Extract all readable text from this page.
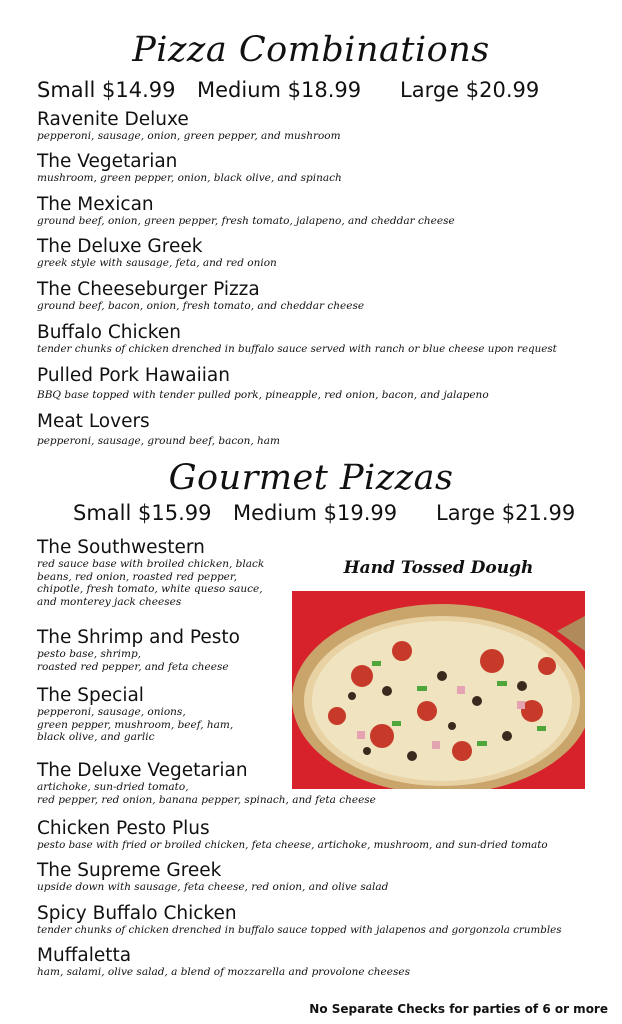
Pizza Combinations
Small $14.99 Medium $18.99 Large $20.99
Ravenite Deluxe
pepperoni, sausage, onion, green pepper, and mushroom
The Vegetarian
mushroom, green pepper, onion, black olive, and spinach
The Mexican
ground beef, onion, green pepper, fresh tomato, jalapeno, and cheddar cheese
The Deluxe Greek
greek style with sausage, feta, and red onion
The Cheeseburger Pizza
ground beef, bacon, onion, fresh tomato, and cheddar cheese
Buffalo Chicken
tender chunks of chicken drenched in buffalo sauce served with ranch or blue cheese upon request
Pulled Pork Hawaiian
BBQ base topped with tender pulled pork, pineapple, red onion, bacon, and jalapeno
Meat Lovers
pepperoni, sausage, ground beef, bacon, ham
Gourmet Pizzas
Small $15.99 Medium $19.99 Large $21.99
The Southwestern
red sauce base with broiled chicken, black
beans, red onion, roasted red pepper,
chipotle, fresh tomato, white queso sauce,
and monterey jack cheeses
The Shrimp and Pesto
pesto base, shrimp,
roasted red pepper, and feta cheese
The Special
pepperoni, sausage, onions,
green pepper, mushroom, beef, ham,
black olive, and garlic
The Deluxe Vegetarian
artichoke, sun-dried tomato,
red pepper, red onion, banana pepper, spinach, and feta cheese
Chicken Pesto Plus
pesto base with fried or broiled chicken, feta cheese, artichoke, mushroom, and sun-dried tomato
The Supreme Greek
upside down with sausage, feta cheese, red onion, and olive salad
Spicy Buffalo Chicken
tender chunks of chicken drenched in buffalo sauce topped with jalapenos and gorgonzola crumbles
Muffaletta
ham, salami, olive salad, a blend of mozzarella and provolone cheeses
Hand Tossed Dough
No Separate Checks for parties of 6 or more
